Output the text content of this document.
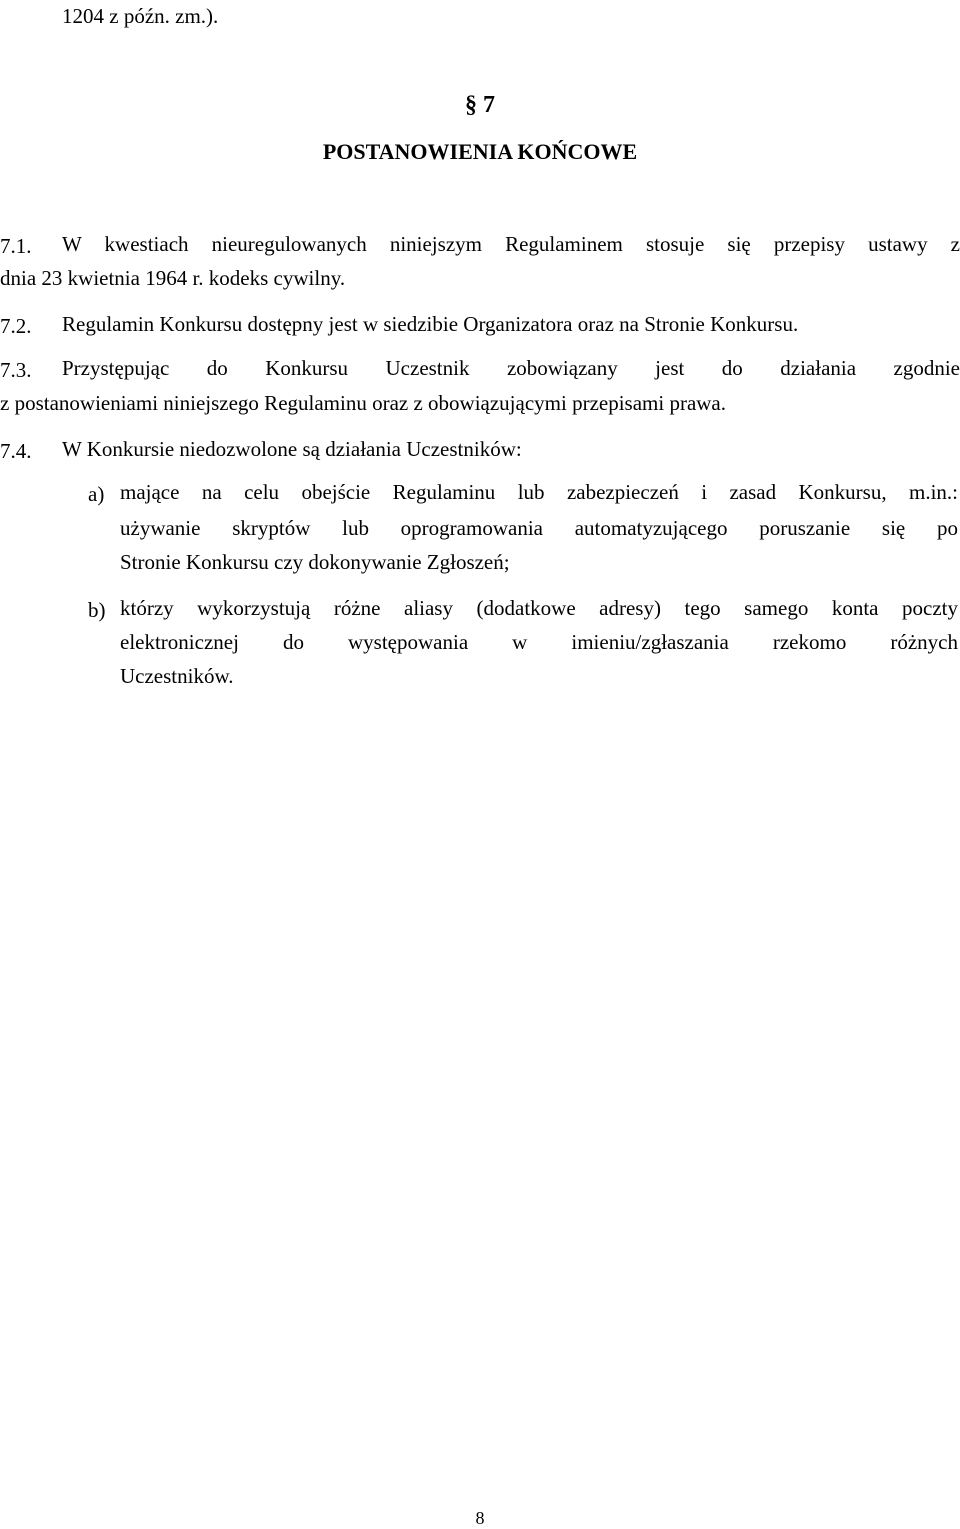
1204 z późn. zm.).
§ 7
POSTANOWIENIA KOŃCOWE
7.1. W kwestiach nieuregulowanych niniejszym Regulaminem stosuje się przepisy ustawy z
dnia 23 kwietnia 1964 r. kodeks cywilny.
7.2. Regulamin Konkursu dostępny jest w siedzibie Organizatora oraz na Stronie Konkursu.
7.3. Przystępując do Konkursu Uczestnik zobowiązany jest do działania zgodnie
z postanowieniami niniejszego Regulaminu oraz z obowiązującymi przepisami prawa.
7.4. W Konkursie niedozwolone są działania Uczestników:
a) mające na celu obejście Regulaminu lub zabezpieczeń i zasad Konkursu, m.in.:
używanie skryptów lub oprogramowania automatyzującego poruszanie się po
Stronie Konkursu czy dokonywanie Zgłoszeń;
b) którzy wykorzystują różne aliasy (dodatkowe adresy) tego samego konta poczty
elektronicznej do występowania w imieniu/zgłaszania rzekomo różnych
Uczestników.
8
